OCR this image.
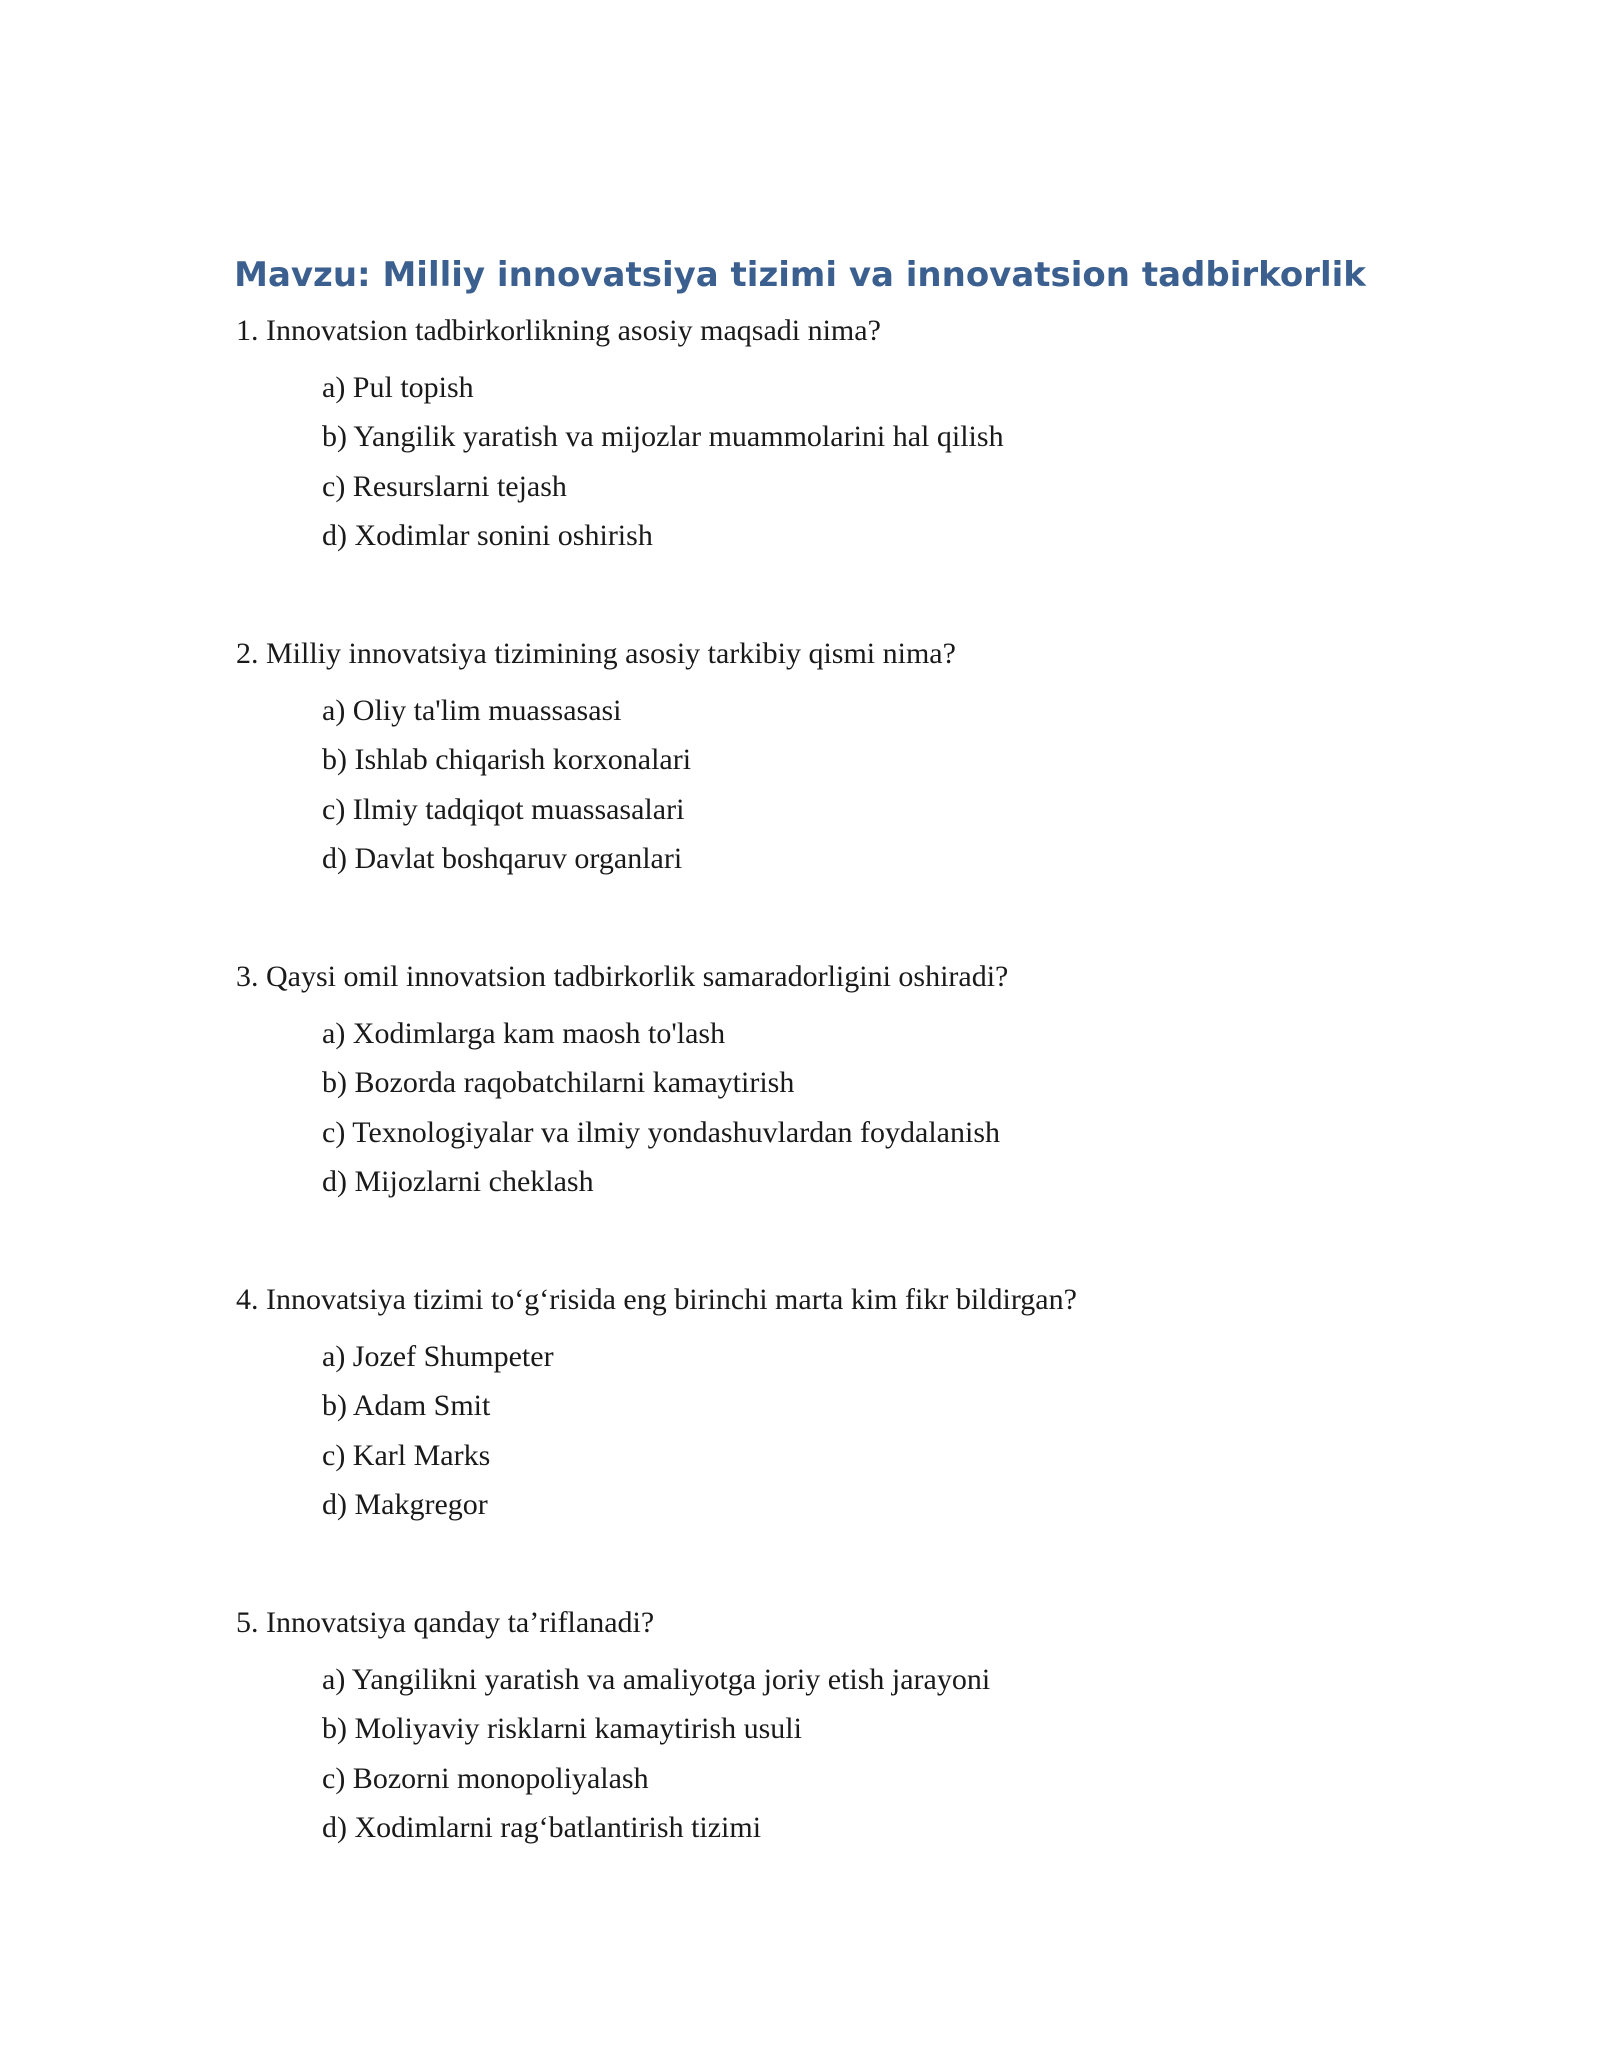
Mavzu: Milliy innovatsiya tizimi va innovatsion tadbirkorlik
1. Innovatsion tadbirkorlikning asosiy maqsadi nima?
a) Pul topish
b) Yangilik yaratish va mijozlar muammolarini hal qilish
c) Resurslarni tejash
d) Xodimlar sonini oshirish
2. Milliy innovatsiya tizimining asosiy tarkibiy qismi nima?
a) Oliy ta'lim muassasasi
b) Ishlab chiqarish korxonalari
c) Ilmiy tadqiqot muassasalari
d) Davlat boshqaruv organlari
3. Qaysi omil innovatsion tadbirkorlik samaradorligini oshiradi?
a) Xodimlarga kam maosh to'lash
b) Bozorda raqobatchilarni kamaytirish
c) Texnologiyalar va ilmiy yondashuvlardan foydalanish
d) Mijozlarni cheklash
4. Innovatsiya tizimi to‘g‘risida eng birinchi marta kim fikr bildirgan?
a) Jozef Shumpeter
b) Adam Smit
c) Karl Marks
d) Makgregor
5. Innovatsiya qanday ta’riflanadi?
a) Yangilikni yaratish va amaliyotga joriy etish jarayoni
b) Moliyaviy risklarni kamaytirish usuli
c) Bozorni monopoliyalash
d) Xodimlarni rag‘batlantirish tizimi
